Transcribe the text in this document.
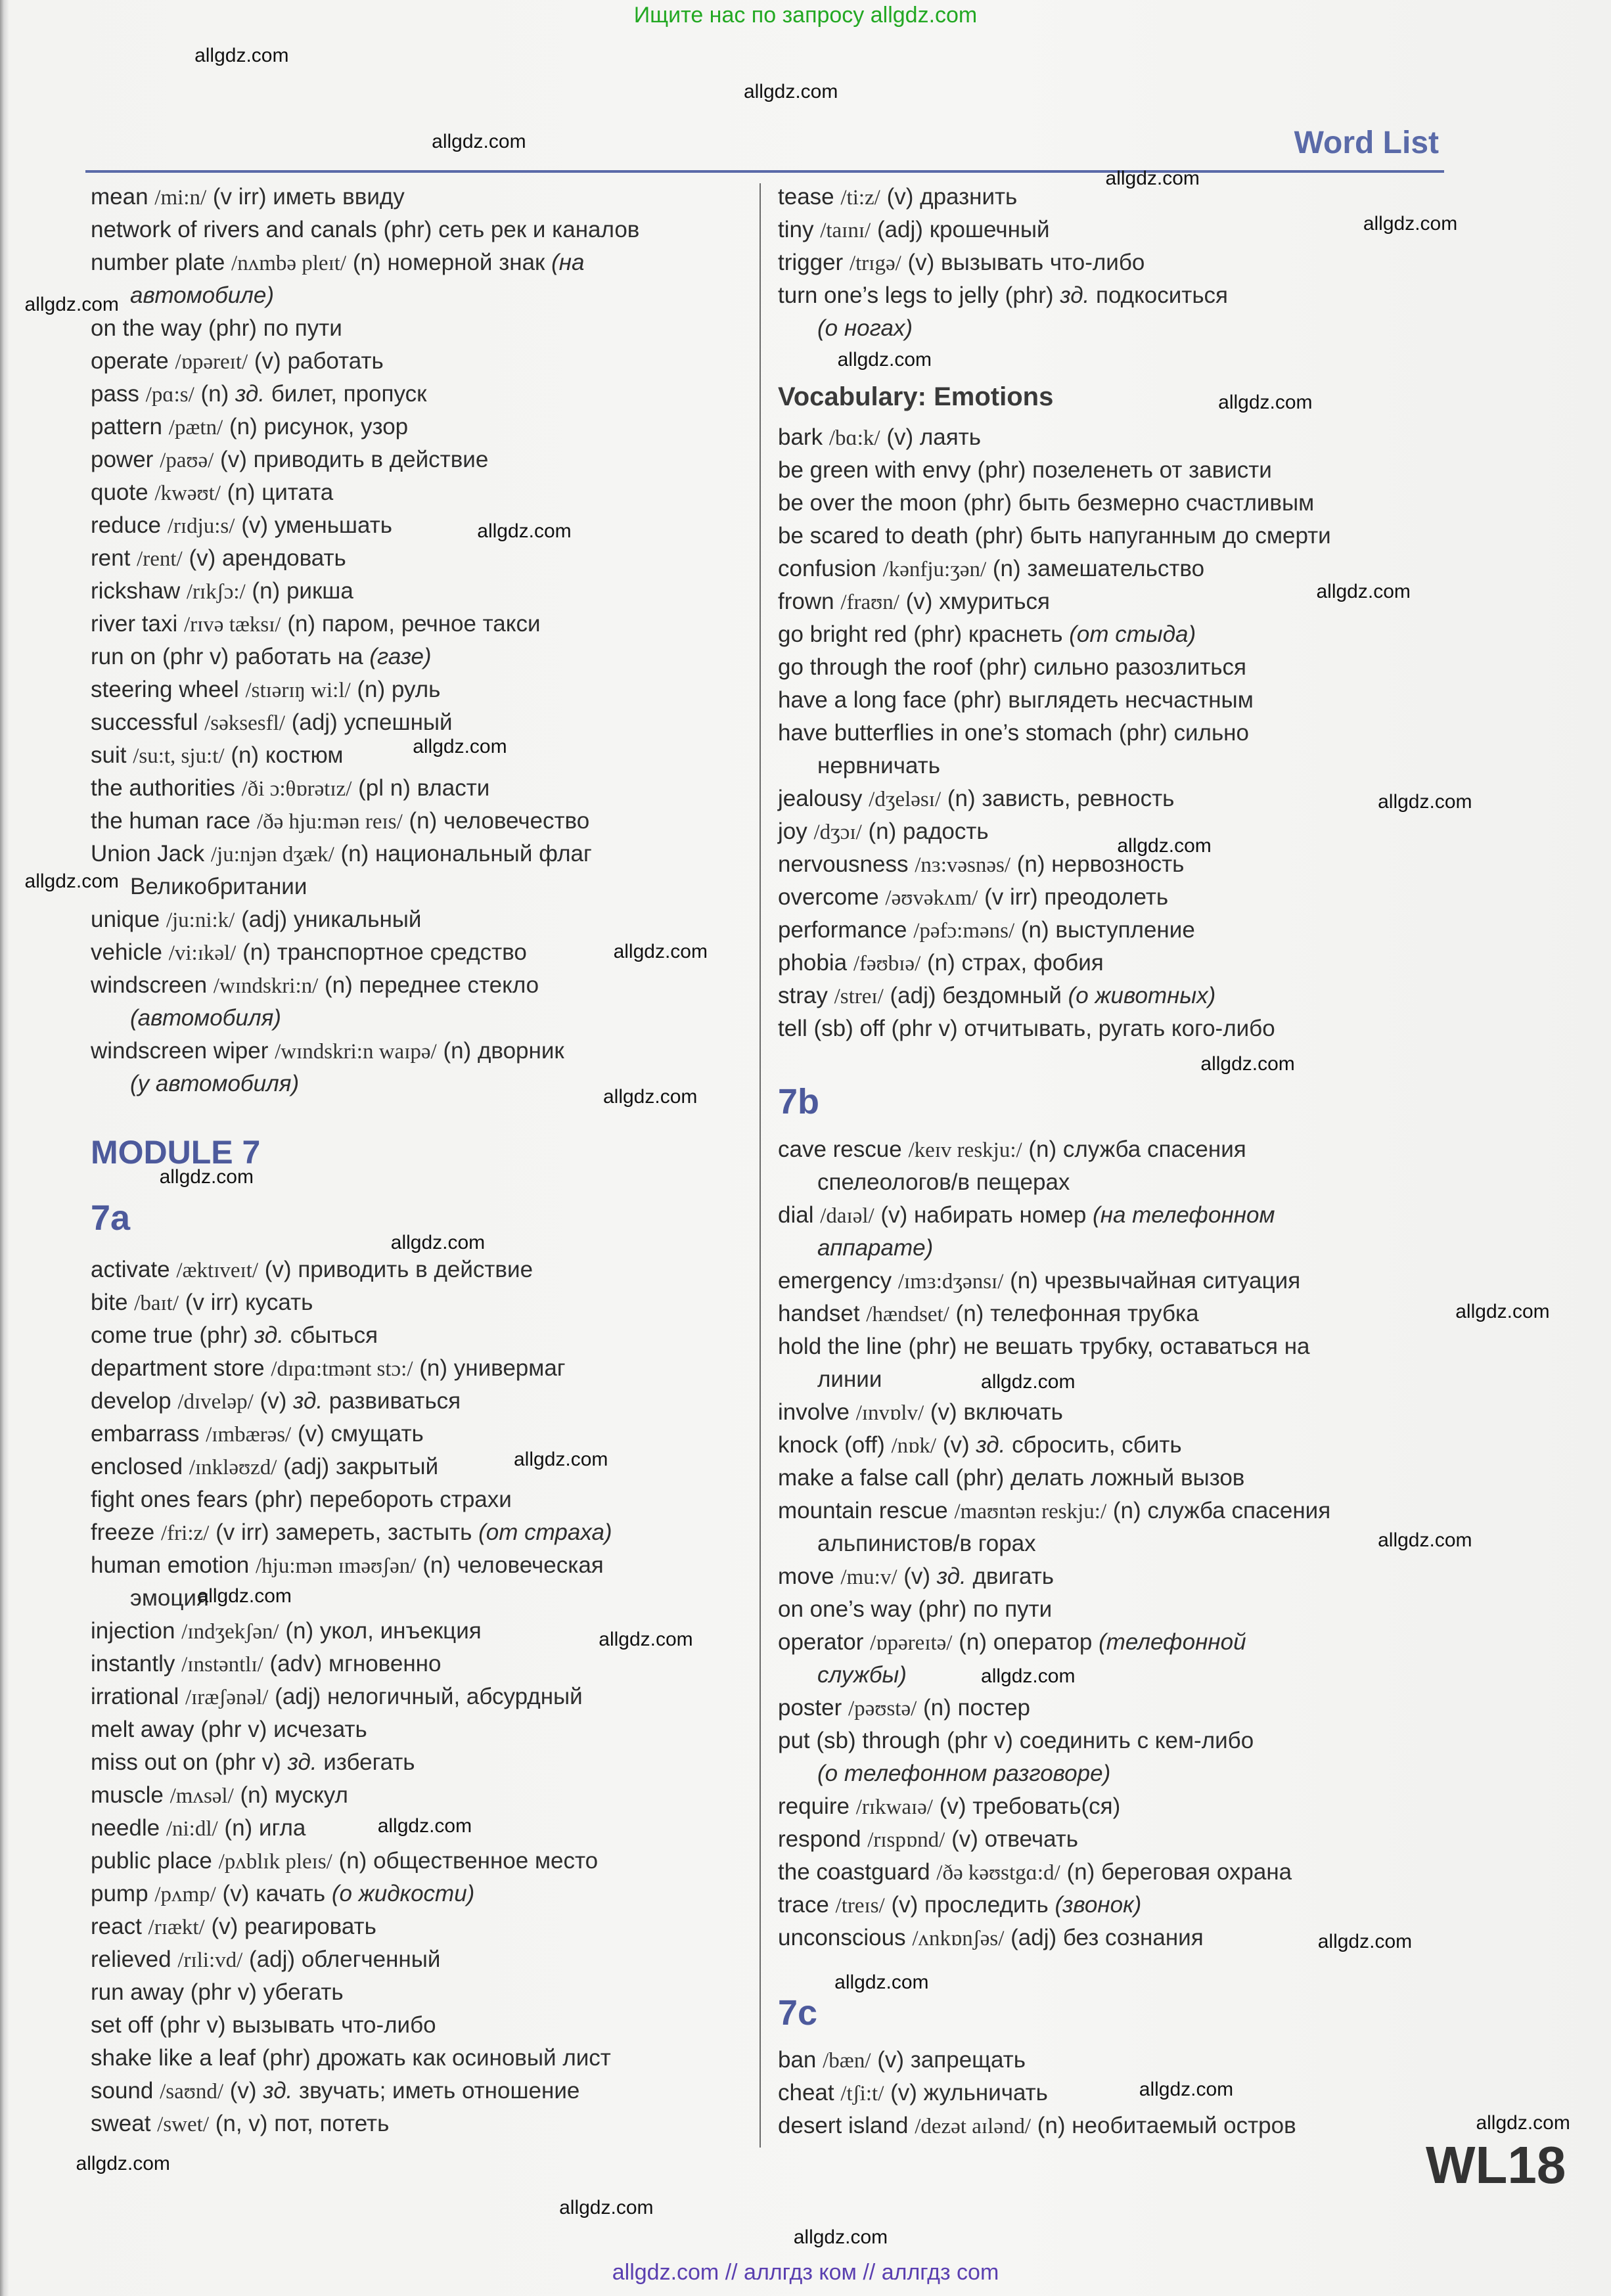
Ищите нас по запросу allgdz.com
Word List
mean /mi:n/ (v irr) иметь ввиду
network of rivers and canals (phr) сеть рек и каналов
number plate /nʌmbə pleɪt/ (n) номерной знак (на
автомобиле)
on the way (phr) по пути
operate /ɒpəreɪt/ (v) работать
pass /pɑ:s/ (n) зд. билет, пропуск
pattern /pætn/ (n) рисунок, узор
power /paʊə/ (v) приводить в действие
quote /kwəʊt/ (n) цитата
reduce /rɪdju:s/ (v) уменьшать
rent /rent/ (v) арендовать
rickshaw /rɪkʃɔ:/ (n) рикша
river taxi /rɪvə tæksɪ/ (n) паром, речное такси
run on (phr v) работать на (газе)
steering wheel /stɪərɪŋ wi:l/ (n) руль
successful /səksesfl/ (adj) успешный
suit /su:t, sju:t/ (n) костюм
the authorities /ði ɔ:θɒrətɪz/ (pl n) власти
the human race /ðə hju:mən reɪs/ (n) человечество
Union Jack /ju:njən dʒæk/ (n) национальный флаг
Великобритании
unique /ju:ni:k/ (adj) уникальный
vehicle /vi:ɪkəl/ (n) транспортное средство
windscreen /wɪndskri:n/ (n) переднее стекло
(автомобиля)
windscreen wiper /wɪndskri:n waɪpə/ (n) дворник
(у автомобиля)
MODULE 7
7a
activate /æktɪveɪt/ (v) приводить в действие
bite /baɪt/ (v irr) кусать
come true (phr) зд. сбыться
department store /dɪpɑ:tmənt stɔ:/ (n) универмаг
develop /dɪveləp/ (v) зд. развиваться
embarrass /ɪmbærəs/ (v) смущать
enclosed /ɪnkləʊzd/ (adj) закрытый
fight ones fears (phr) перебороть страхи
freeze /fri:z/ (v irr) замереть, застыть (от страха)
human emotion /hju:mən ɪməʊʃən/ (n) человеческая
эмоция
injection /ɪndʒekʃən/ (n) укол, инъекция
instantly /ɪnstəntlɪ/ (adv) мгновенно
irrational /ɪræʃənəl/ (adj) нелогичный, абсурдный
melt away (phr v) исчезать
miss out on (phr v) зд. избегать
muscle /mʌsəl/ (n) мускул
needle /ni:dl/ (n) игла
public place /pʌblɪk pleɪs/ (n) общественное место
pump /pʌmp/ (v) качать (о жидкости)
react /rɪækt/ (v) реагировать
relieved /rɪli:vd/ (adj) облегченный
run away (phr v) убегать
set off (phr v) вызывать что-либо
shake like a leaf (phr) дрожать как осиновый лист
sound /saʊnd/ (v) зд. звучать; иметь отношение
sweat /swet/ (n, v) пот, потеть
tease /ti:z/ (v) дразнить
tiny /taɪnɪ/ (adj) крошечный
trigger /trɪgə/ (v) вызывать что-либо
turn one’s legs to jelly (phr) зд. подкоситься
(о ногах)
Vocabulary: Emotions
bark /bɑ:k/ (v) лаять
be green with envy (phr) позеленеть от зависти
be over the moon (phr) быть безмерно счастливым
be scared to death (phr) быть напуганным до смерти
confusion /kənfju:ʒən/ (n) замешательство
frown /fraʊn/ (v) хмуриться
go bright red (phr) краснеть (от стыда)
go through the roof (phr) сильно разозлиться
have a long face (phr) выглядеть несчастным
have butterflies in one’s stomach (phr) сильно
нервничать
jealousy /dʒeləsɪ/ (n) зависть, ревность
joy /dʒɔɪ/ (n) радость
nervousness /nɜ:vəsnəs/ (n) нервозность
overcome /əʊvəkʌm/ (v irr) преодолеть
performance /pəfɔ:məns/ (n) выступление
phobia /fəʊbɪə/ (n) страх, фобия
stray /streɪ/ (adj) бездомный (о животных)
tell (sb) off (phr v) отчитывать, ругать кого-либо
7b
cave rescue /keɪv reskju:/ (n) служба спасения
спелеологов/в пещерах
dial /daɪəl/ (v) набирать номер (на телефонном
аппарате)
emergency /ɪmɜ:dʒənsɪ/ (n) чрезвычайная ситуация
handset /hændset/ (n) телефонная трубка
hold the line (phr) не вешать трубку, оставаться на
линии
involve /ɪnvɒlv/ (v) включать
knock (off) /nɒk/ (v) зд. сбросить, сбить
make a false call (phr) делать ложный вызов
mountain rescue /maʊntən reskju:/ (n) служба спасения
альпинистов/в горах
move /mu:v/ (v) зд. двигать
on one’s way (phr) по пути
operator /ɒpəreɪtə/ (n) оператор (телефонной
службы)
poster /pəʊstə/ (n) постер
put (sb) through (phr v) соединить с кем-либо
(о телефонном разговоре)
require /rɪkwaɪə/ (v) требовать(ся)
respond /rɪspɒnd/ (v) отвечать
the coastguard /ðə kəʊstgɑ:d/ (n) береговая охрана
trace /treɪs/ (v) проследить (звонок)
unconscious /ʌnkɒnʃəs/ (adj) без сознания
7c
ban /bæn/ (v) запрещать
cheat /tʃi:t/ (v) жульничать
desert island /dezət aɪlənd/ (n) необитаемый остров
WL18
allgdz.com // аллгдз ком // аллгдз com
allgdz.com
allgdz.com
allgdz.com
allgdz.com
allgdz.com
allgdz.com
allgdz.com
allgdz.com
allgdz.com
allgdz.com
allgdz.com
allgdz.com
allgdz.com
allgdz.com
allgdz.com
allgdz.com
allgdz.com
allgdz.com
allgdz.com
allgdz.com
allgdz.com
allgdz.com
allgdz.com
allgdz.com
allgdz.com
allgdz.com
allgdz.com
allgdz.com
allgdz.com
allgdz.com
allgdz.com
allgdz.com
allgdz.com
allgdz.com
